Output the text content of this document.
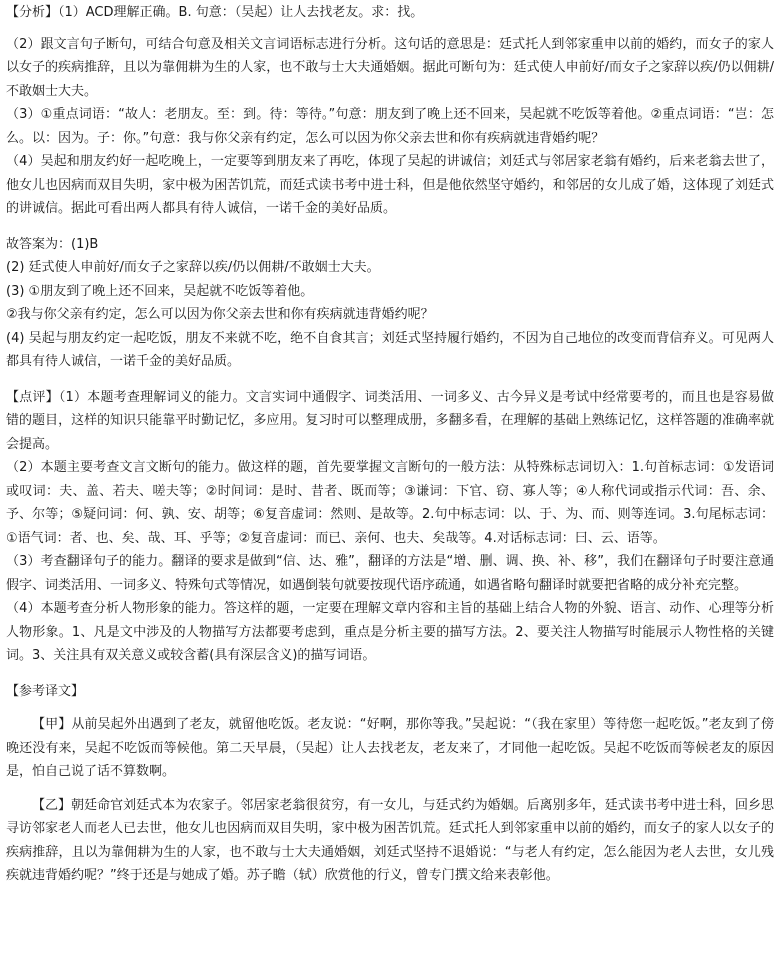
【分析】（1）ACD理解正确。B. 句意：（吴起）让人去找老友。求：找。

（2）跟文言句子断句，可结合句意及相关文言词语标志进行分析。这句话的意思是：廷式托人到邻家重申以前的婚约，而女子的家人以女子的疾病推辞，且以为靠佣耕为生的人家，也不敢与士大夫通婚姻。据此可断句为：廷式使人申前好/而女子之家辞以疾/仍以佣耕/不敢姻士大夫。

（3）①重点词语：“故人：老朋友。至：到。待：等待。”句意：朋友到了晚上还不回来，吴起就不吃饭等着他。②重点词语：“岂：怎么。以：因为。子：你。”句意：我与你父亲有约定，怎么可以因为你父亲去世和你有疾病就违背婚约呢？

（4）吴起和朋友约好一起吃晚上，一定要等到朋友来了再吃，体现了吴起的讲诚信；刘廷式与邻居家老翁有婚约，后来老翁去世了，他女儿也因病而双目失明，家中极为困苦饥荒，而廷式读书考中进士科，但是他依然坚守婚约，和邻居的女儿成了婚，这体现了刘廷式的讲诚信。据此可看出两人都具有待人诚信，一诺千金的美好品质。

故答案为：(1)B

(2) 廷式使人申前好/而女子之家辞以疾/仍以佣耕/不敢姻士大夫。

(3) ①朋友到了晚上还不回来，吴起就不吃饭等着他。

②我与你父亲有约定，怎么可以因为你父亲去世和你有疾病就违背婚约呢？

(4) 吴起与朋友约定一起吃饭，朋友不来就不吃，绝不自食其言；刘廷式坚持履行婚约，不因为自己地位的改变而背信弃义。可见两人都具有待人诚信，一诺千金的美好品质。

【点评】（1）本题考查理解词义的能力。文言实词中通假字、词类活用、一词多义、古今异义是考试中经常要考的，而且也是容易做错的题目，这样的知识只能靠平时勤记忆，多应用。复习时可以整理成册，多翻多看，在理解的基础上熟练记忆，这样答题的准确率就会提高。

（2）本题主要考查文言文断句的能力。做这样的题，首先要掌握文言断句的一般方法：从特殊标志词切入：1.句首标志词：①发语词或叹词：夫、盖、若夫、嗟夫等；②时间词：是时、昔者、既而等；③谦词：下官、窃、寡人等；④人称代词或指示代词：吾、余、予、尔等；⑤疑问词：何、孰、安、胡等；⑥复音虚词：然则、是故等。2.句中标志词：以、于、为、而、则等连词。3.句尾标志词：①语气词：者、也、矣、哉、耳、乎等；②复音虚词：而已、亲何、也夫、矣哉等。4.对话标志词：曰、云、语等。

（3）考查翻译句子的能力。翻译的要求是做到“信、达、雅”，翻译的方法是“增、删、调、换、补、移”，我们在翻译句子时要注意通假字、词类活用、一词多义、特殊句式等情况，如遇倒装句就要按现代语序疏通，如遇省略句翻译时就要把省略的成分补充完整。

（4）本题考查分析人物形象的能力。答这样的题，一定要在理解文章内容和主旨的基础上结合人物的外貌、语言、动作、心理等分析人物形象。1、凡是文中涉及的人物描写方法都要考虑到，重点是分析主要的描写方法。2、要关注人物描写时能展示人物性格的关键词。3、关注具有双关意义或较含蓄(具有深层含义)的描写词语。

【参考译文】

【甲】从前吴起外出遇到了老友，就留他吃饭。老友说：“好啊，那你等我。”吴起说：“（我在家里）等待您一起吃饭。”老友到了傍晚还没有来，吴起不吃饭而等候他。第二天早晨，（吴起）让人去找老友，老友来了，才同他一起吃饭。吴起不吃饭而等候老友的原因是，怕自己说了话不算数啊。

【乙】朝廷命官刘廷式本为农家子。邻居家老翁很贫穷，有一女儿，与廷式约为婚姻。后离别多年，廷式读书考中进士科，回乡思寻访邻家老人而老人已去世，他女儿也因病而双目失明，家中极为困苦饥荒。廷式托人到邻家重申以前的婚约，而女子的家人以女子的疾病推辞，且以为靠佣耕为生的人家，也不敢与士大夫通婚姻，刘廷式坚持不退婚说：“与老人有约定，怎么能因为老人去世，女儿残疾就违背婚约呢？”终于还是与她成了婚。苏子瞻（轼）欣赏他的行义，曾专门撰文给来表彰他。
